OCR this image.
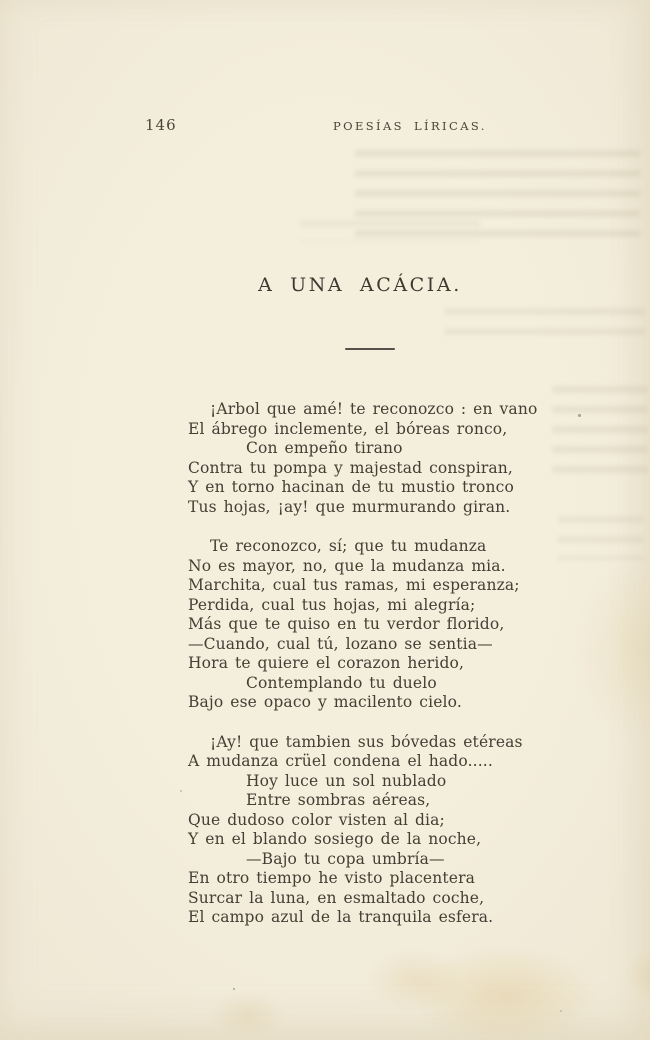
146	POESÍAS LÍRICAS.
A UNA ACÁCIA.
¡Arbol que amé! te reconozco : en vano
El ábrego inclemente, el bóreas ronco,
Con empeño tirano
Contra tu pompa y majestad conspiran,
Y en torno hacinan de tu mustio tronco
Tus hojas, ¡ay! que murmurando giran.
Te reconozco, sí; que tu mudanza
No es mayor, no, que la mudanza mia.
Marchita, cual tus ramas, mi esperanza;
Perdida, cual tus hojas, mi alegría;
Más que te quiso en tu verdor florido,
—Cuando, cual tú, lozano se sentia—
Hora te quiere el corazon herido,
Contemplando tu duelo
Bajo ese opaco y macilento cielo.
¡Ay! que tambien sus bóvedas etéreas
A mudanza crüel condena el hado.....
Hoy luce un sol nublado
Entre sombras aéreas,
Que dudoso color visten al dia;
Y en el blando sosiego de la noche,
—Bajo tu copa umbría—
En otro tiempo he visto placentera
Surcar la luna, en esmaltado coche,
El campo azul de la tranquila esfera.
